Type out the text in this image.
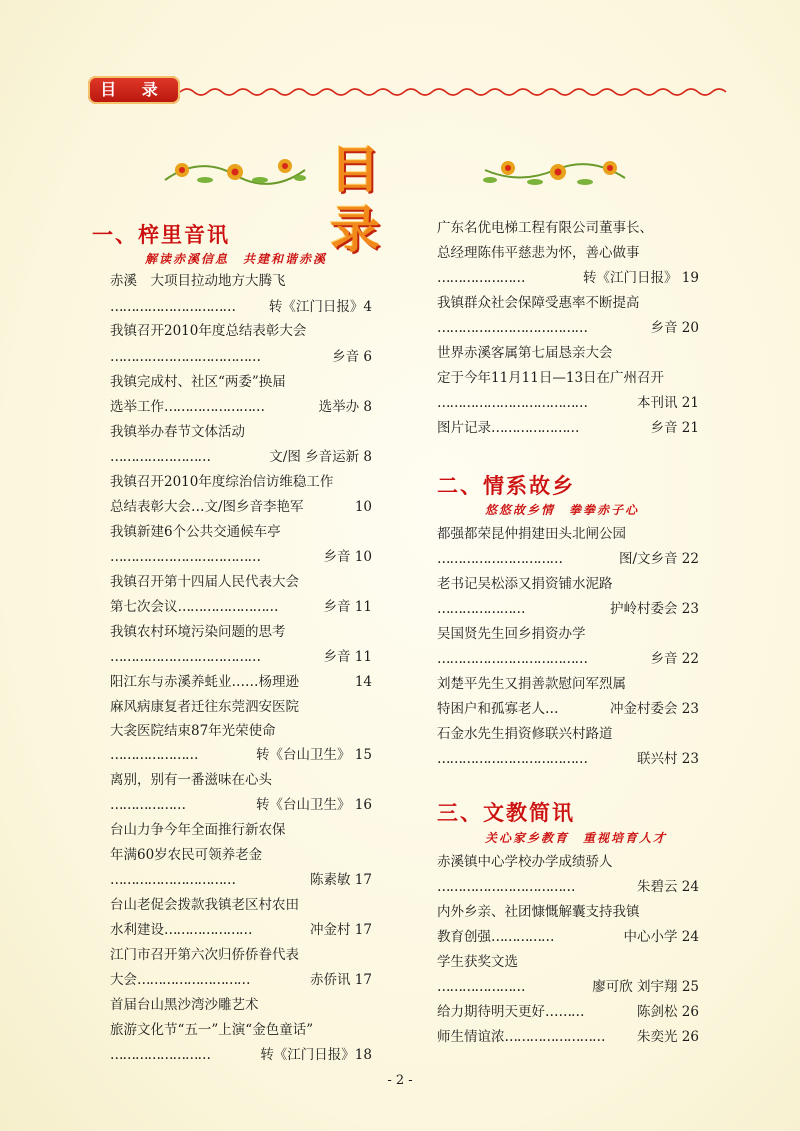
目 录
目 录
一、梓里音讯
解读赤溪信息　共建和谐赤溪
赤溪　大项目拉动地方大腾飞
…………………………	转《江门日报》4
我镇召开2010年度总结表彰大会
………………………………	乡音 6
我镇完成村、社区“两委”换届
选举工作……………………	选举办 8
我镇举办春节文体活动
……………………	文/图 乡音运新 8
我镇召开2010年度综治信访维稳工作
总结表彰大会…文/图乡音李艳军	10
我镇新建6个公共交通候车亭
………………………………	乡音 10
我镇召开第十四届人民代表大会
第七次会议……………………	乡音 11
我镇农村环境污染问题的思考
………………………………	乡音 11
阳江东与赤溪养蚝业……杨理逊	14
麻风病康复者迁往东莞泗安医院
大衾医院结束87年光荣使命
…………………	转《台山卫生》 15
离别，别有一番滋味在心头
………………	转《台山卫生》 16
台山力争今年全面推行新农保
年满60岁农民可领养老金
…………………………	陈素敏 17
台山老促会拨款我镇老区村农田
水利建设…………………	冲金村 17
江门市召开第六次归侨侨眷代表
大会………………………	赤侨讯 17
首届台山黑沙湾沙雕艺术
旅游文化节“五一”上演“金色童话”
……………………	转《江门日报》18
广东名优电梯工程有限公司董事长、
总经理陈伟平慈悲为怀，善心做事
…………………	转《江门日报》 19
我镇群众社会保障受惠率不断提高
………………………………	乡音 20
世界赤溪客属第七届恳亲大会
定于今年11月11日—13日在广州召开
………………………………	本刊讯 21
图片记录…………………	乡音 21
二、情系故乡
悠悠故乡情　拳拳赤子心
都强都荣昆仲捐建田头北闸公园
…………………………	图/文乡音 22
老书记吴松添又捐资铺水泥路
…………………	护岭村委会 23
吴国贤先生回乡捐资办学
………………………………	乡音 22
刘楚平先生又捐善款慰问军烈属
特困户和孤寡老人…	冲金村委会 23
石金水先生捐资修联兴村路道
………………………………	联兴村 23
三、文教简讯
关心家乡教育　重视培育人才
赤溪镇中心学校办学成绩骄人
……………………………	朱碧云 24
内外乡亲、社团慷慨解囊支持我镇
教育创强……………	中心小学 24
学生获奖文选
…………………	廖可欣 刘宇翔 25
给力期待明天更好………	陈剑松 26
师生情谊浓…………………… 朱奕光 26
- 2 -
